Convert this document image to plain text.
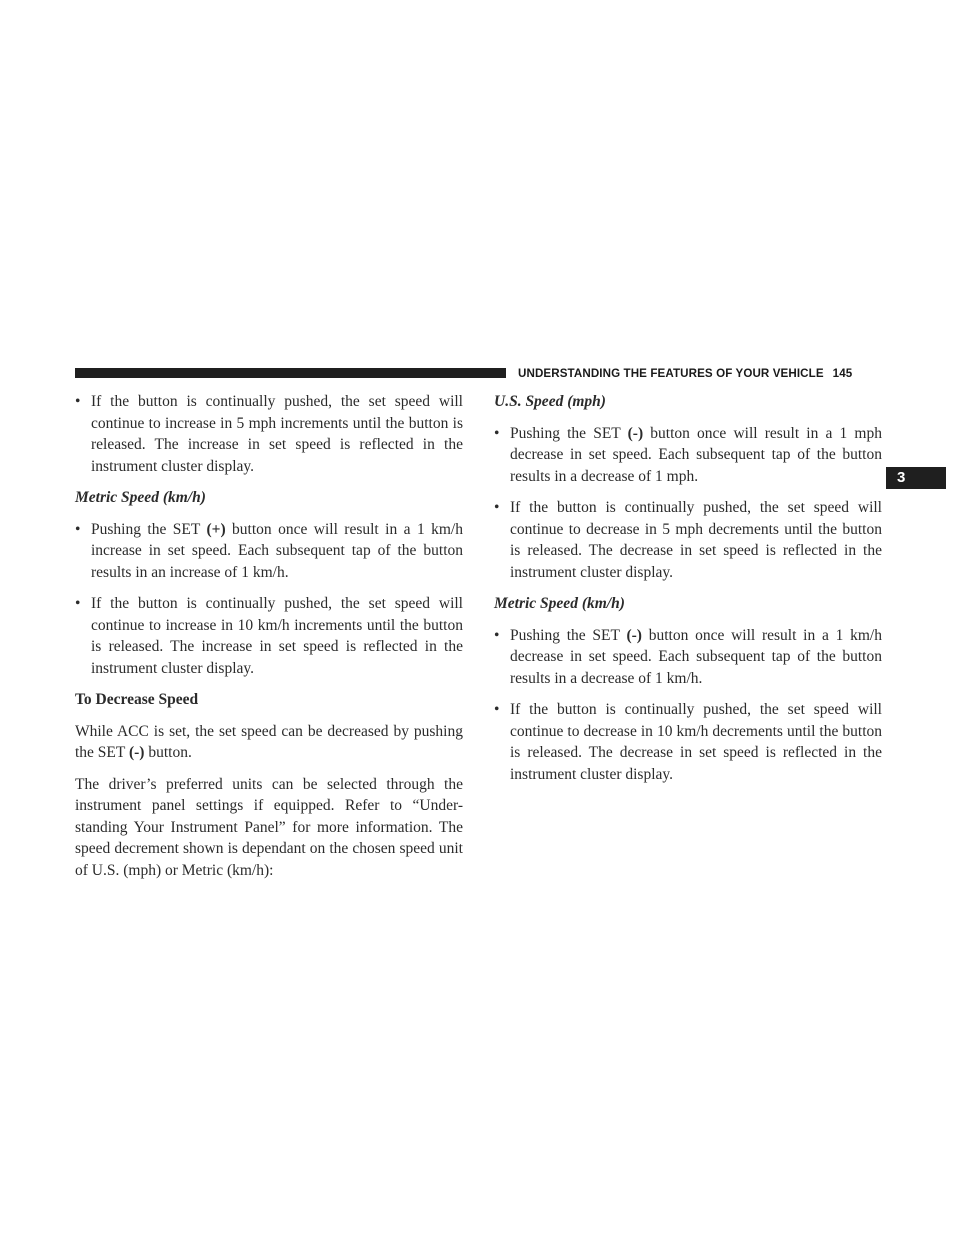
UNDERSTANDING THE FEATURES OF YOUR VEHICLE 145
3

• If the button is continually pushed, the set speed will continue to increase in 5 mph increments until the button is released. The increase in set speed is reflected in the instrument cluster display.

Metric Speed (km/h)

• Pushing the SET (+) button once will result in a 1 km/h increase in set speed. Each subsequent tap of the button results in an increase of 1 km/h.

• If the button is continually pushed, the set speed will continue to increase in 10 km/h increments until the button is released. The increase in set speed is reflected in the instrument cluster display.

To Decrease Speed

While ACC is set, the set speed can be decreased by pushing the SET (-) button.

The driver’s preferred units can be selected through the instrument panel settings if equipped. Refer to “Under-standing Your Instrument Panel” for more information. The speed decrement shown is dependant on the chosen speed unit of U.S. (mph) or Metric (km/h):

U.S. Speed (mph)

• Pushing the SET (-) button once will result in a 1 mph decrease in set speed. Each subsequent tap of the button results in a decrease of 1 mph.

• If the button is continually pushed, the set speed will continue to decrease in 5 mph decrements until the button is released. The decrease in set speed is reflected in the instrument cluster display.

Metric Speed (km/h)

• Pushing the SET (-) button once will result in a 1 km/h decrease in set speed. Each subsequent tap of the button results in a decrease of 1 km/h.

• If the button is continually pushed, the set speed will continue to decrease in 10 km/h decrements until the button is released. The decrease in set speed is reflected in the instrument cluster display.
